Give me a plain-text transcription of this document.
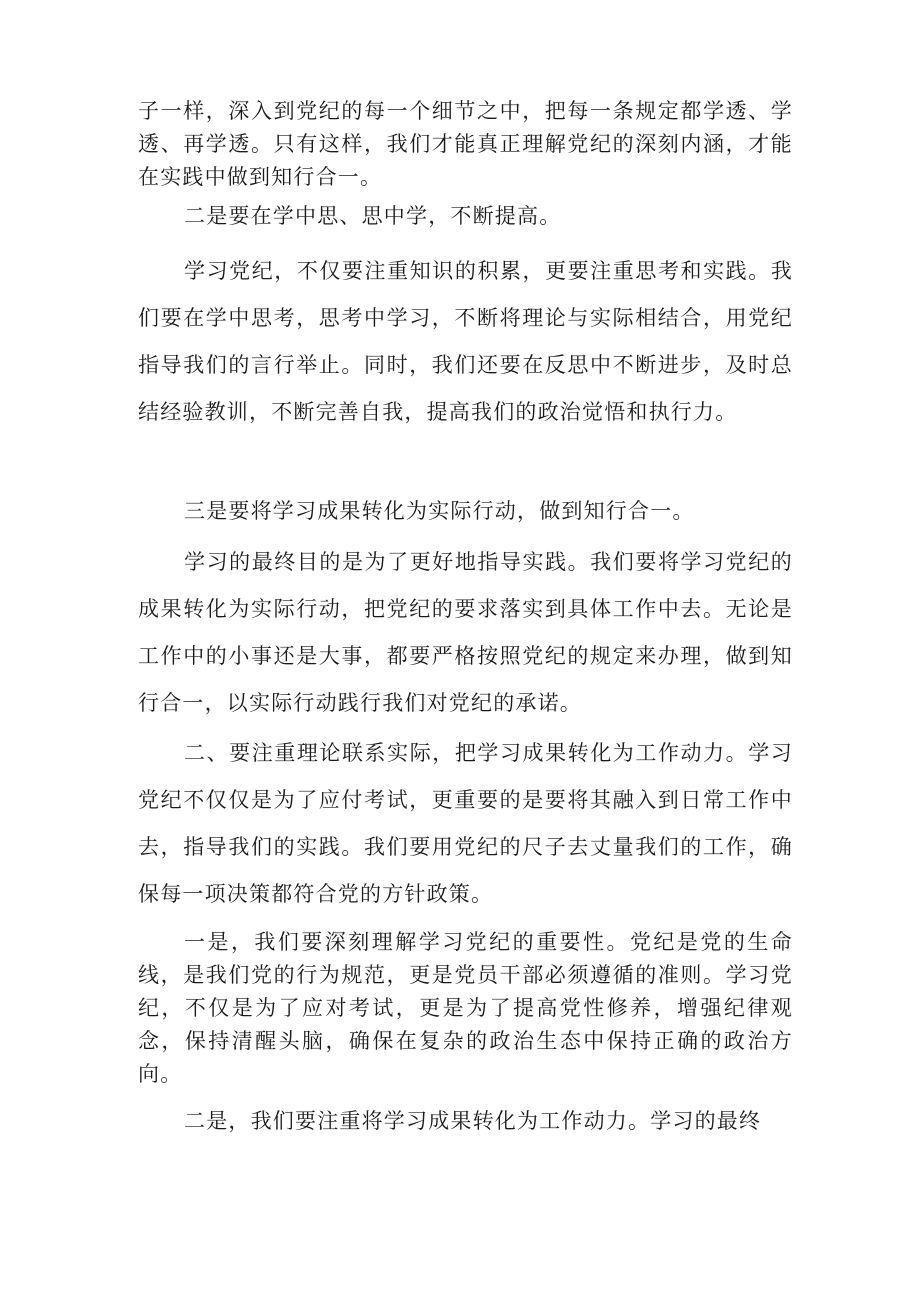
子一样，深入到党纪的每一个细节之中，把每一条规定都学透、学透、再学透。只有这样，我们才能真正理解党纪的深刻内涵，才能在实践中做到知行合一。

二是要在学中思、思中学，不断提高。

学习党纪，不仅要注重知识的积累，更要注重思考和实践。我们要在学中思考，思考中学习，不断将理论与实际相结合，用党纪指导我们的言行举止。同时，我们还要在反思中不断进步，及时总结经验教训，不断完善自我，提高我们的政治觉悟和执行力。

三是要将学习成果转化为实际行动，做到知行合一。

学习的最终目的是为了更好地指导实践。我们要将学习党纪的成果转化为实际行动，把党纪的要求落实到具体工作中去。无论是工作中的小事还是大事，都要严格按照党纪的规定来办理，做到知行合一，以实际行动践行我们对党纪的承诺。

二、要注重理论联系实际，把学习成果转化为工作动力。学习党纪不仅仅是为了应付考试，更重要的是要将其融入到日常工作中去，指导我们的实践。我们要用党纪的尺子去丈量我们的工作，确保每一项决策都符合党的方针政策。

一是，我们要深刻理解学习党纪的重要性。党纪是党的生命线，是我们党的行为规范，更是党员干部必须遵循的准则。学习党纪，不仅是为了应对考试，更是为了提高党性修养，增强纪律观念，保持清醒头脑，确保在复杂的政治生态中保持正确的政治方向。

二是，我们要注重将学习成果转化为工作动力。学习的最终
